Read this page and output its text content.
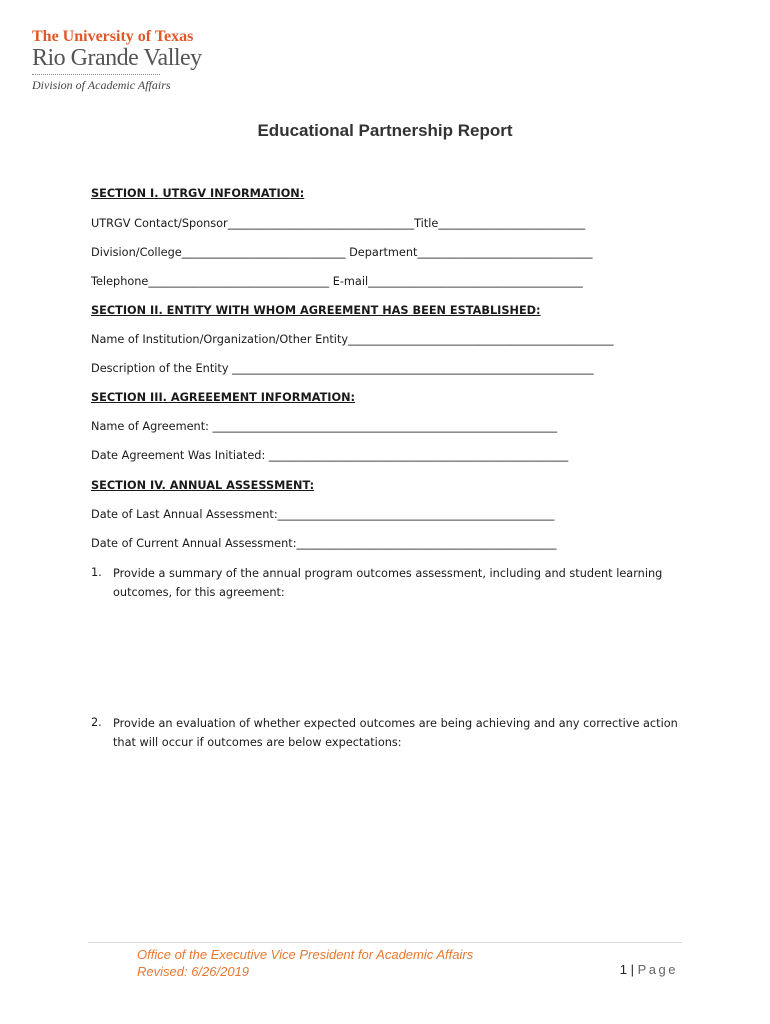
The University of Texas
Rio Grande Valley
Division of Academic Affairs
Educational Partnership Report
SECTION I. UTRGV INFORMATION:
UTRGV Contact/Sponsor_________________________________Title__________________________
Division/College_____________________________ Department_______________________________
Telephone________________________________ E-mail______________________________________
SECTION II. ENTITY WITH WHOM AGREEMENT HAS BEEN ESTABLISHED:
Name of Institution/Organization/Other Entity_______________________________________________
Description of the Entity ________________________________________________________________
SECTION III. AGREEEMENT INFORMATION:
Name of Agreement: _____________________________________________________________
Date Agreement Was Initiated: _____________________________________________________
SECTION IV. ANNUAL ASSESSMENT:
Date of Last Annual Assessment:_________________________________________________
Date of Current Annual Assessment:______________________________________________
1. Provide a summary of the annual program outcomes assessment, including and student learning outcomes, for this agreement:
2. Provide an evaluation of whether expected outcomes are being achieving and any corrective action that will occur if outcomes are below expectations:
Office of the Executive Vice President for Academic Affairs
Revised: 6/26/2019	1 | Page
